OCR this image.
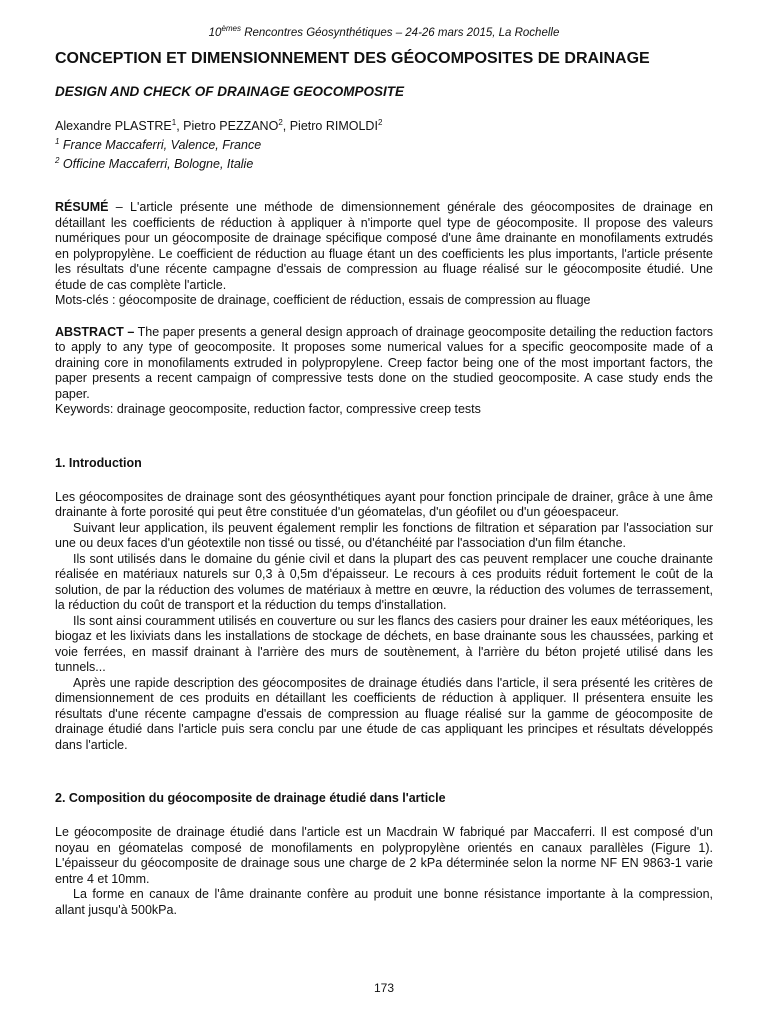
10èmes Rencontres Géosynthétiques – 24-26 mars 2015, La Rochelle
CONCEPTION ET DIMENSIONNEMENT DES GÉOCOMPOSITES DE DRAINAGE
DESIGN AND CHECK OF DRAINAGE GEOCOMPOSITE
Alexandre PLASTRE$^1$, Pietro PEZZANO$^2$, Pietro RIMOLDI$^2$
$^1$ France Maccaferri, Valence, France
$^2$ Officine Maccaferri, Bologne, Italie

RÉSUMÉ – L'article présente une méthode de dimensionnement générale des géocomposites de drainage en détaillant les coefficients de réduction à appliquer à n'importe quel type de géocomposite. Il propose des valeurs numériques pour un géocomposite de drainage spécifique composé d'une âme drainante en monofilaments extrudés en polypropylène. Le coefficient de réduction au fluage étant un des coefficients les plus importants, l'article présente les résultats d'une récente campagne d'essais de compression au fluage réalisé sur le géocomposite étudié. Une étude de cas complète l'article.

Mots-clés : géocomposite de drainage, coefficient de réduction, essais de compression au fluage

ABSTRACT – The paper presents a general design approach of drainage geocomposite detailing the reduction factors to apply to any type of geocomposite. It proposes some numerical values for a specific geocomposite made of a draining core in monofilaments extruded in polypropylene. Creep factor being one of the most important factors, the paper presents a recent campaign of compressive tests done on the studied geocomposite. A case study ends the paper.

Keywords: drainage geocomposite, reduction factor, compressive creep tests

1. Introduction

Les géocomposites de drainage sont des géosynthétiques ayant pour fonction principale de drainer, grâce à une âme drainante à forte porosité qui peut être constituée d'un géomatelas, d'un géofilet ou d'un géoespaceur.

Suivant leur application, ils peuvent également remplir les fonctions de filtration et séparation par l'association sur une ou deux faces d'un géotextile non tissé ou tissé, ou d'étanchéité par l'association d'un film étanche.

Ils sont utilisés dans le domaine du génie civil et dans la plupart des cas peuvent remplacer une couche drainante réalisée en matériaux naturels sur 0,3 à 0,5m d'épaisseur. Le recours à ces produits réduit fortement le coût de la solution, de par la réduction des volumes de matériaux à mettre en œuvre, la réduction des volumes de terrassement, la réduction du coût de transport et la réduction du temps d'installation.

Ils sont ainsi couramment utilisés en couverture ou sur les flancs des casiers pour drainer les eaux météoriques, les biogaz et les lixiviats dans les installations de stockage de déchets, en base drainante sous les chaussées, parking et voie ferrées, en massif drainant à l'arrière des murs de soutènement, à l'arrière du béton projeté utilisé dans les tunnels...

Après une rapide description des géocomposites de drainage étudiés dans l'article, il sera présenté les critères de dimensionnement de ces produits en détaillant les coefficients de réduction à appliquer. Il présentera ensuite les résultats d'une récente campagne d'essais de compression au fluage réalisé sur la gamme de géocomposite de drainage étudié dans l'article puis sera conclu par une étude de cas appliquant les principes et résultats développés dans l'article.

2. Composition du géocomposite de drainage étudié dans l'article

Le géocomposite de drainage étudié dans l'article est un Macdrain W fabriqué par Maccaferri. Il est composé d'un noyau en géomatelas composé de monofilaments en polypropylène orientés en canaux parallèles (Figure 1). L'épaisseur du géocomposite de drainage sous une charge de 2 kPa déterminée selon la norme NF EN 9863-1 varie entre 4 et 10mm.

La forme en canaux de l'âme drainante confère au produit une bonne résistance importante à la compression, allant jusqu'à 500kPa.

173
